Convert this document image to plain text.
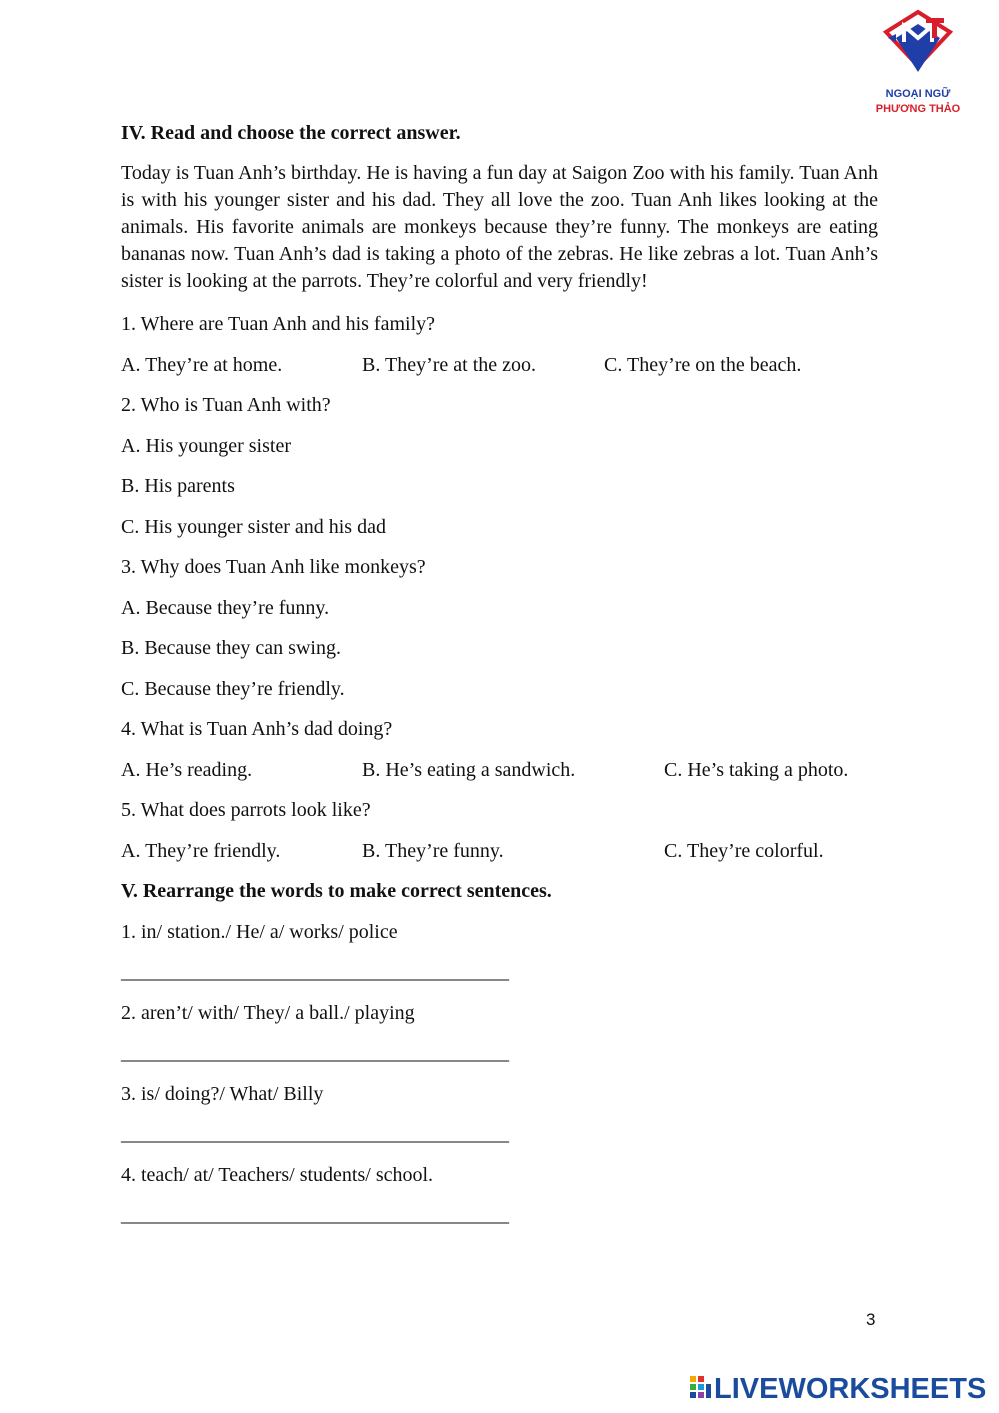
NGOẠI NGỮ
PHƯƠNG THẢO
IV. Read and choose the correct answer.
Today is Tuan Anh’s birthday. He is having a fun day at Saigon Zoo with his family. Tuan Anh is with his younger sister and his dad. They all love the zoo. Tuan Anh likes looking at the animals. His favorite animals are monkeys because they’re funny. The monkeys are eating bananas now. Tuan Anh’s dad is taking a photo of the zebras. He like zebras a lot. Tuan Anh’s sister is looking at the parrots. They’re colorful and very friendly!
1. Where are Tuan Anh and his family?
A. They’re at home.	B. They’re at the zoo.	C. They’re on the beach.
2. Who is Tuan Anh with?
A. His younger sister
B. His parents
C. His younger sister and his dad
3. Why does Tuan Anh like monkeys?
A. Because they’re funny.
B. Because they can swing.
C. Because they’re friendly.
4. What is Tuan Anh’s dad doing?
A. He’s reading.	B. He’s eating a sandwich.	C. He’s taking a photo.
5. What does parrots look like?
A. They’re friendly.	B. They’re funny.	C. They’re colorful.
V. Rearrange the words to make correct sentences.
1. in/ station./ He/ a/ works/ police
___________________________________________
2. aren’t/ with/ They/ a ball./ playing
___________________________________________
3. is/ doing?/ What/ Billy
___________________________________________
4. teach/ at/ Teachers/ students/ school.
___________________________________________
3
LIVEWORKSHEETS
